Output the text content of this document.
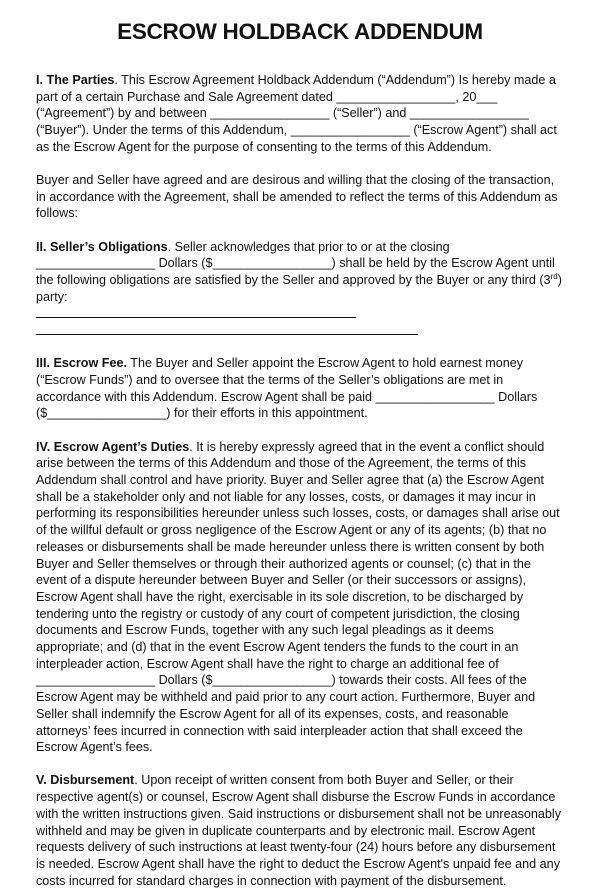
ESCROW HOLDBACK ADDENDUM

I. The Parties. This Escrow Agreement Holdback Addendum (“Addendum”) Is hereby made a part of a certain Purchase and Sale Agreement dated _________________, 20___ (“Agreement”) by and between _________________ (“Seller”) and _________________ (“Buyer”). Under the terms of this Addendum, _________________ (“Escrow Agent”) shall act as the Escrow Agent for the purpose of consenting to the terms of this Addendum.

Buyer and Seller have agreed and are desirous and willing that the closing of the transaction, in accordance with the Agreement, shall be amended to reflect the terms of this Addendum as follows:

II. Seller’s Obligations. Seller acknowledges that prior to or at the closing _________________ Dollars ($_________________) shall be held by the Escrow Agent until the following obligations are satisfied by the Seller and approved by the Buyer or any third (3rd) party:

III. Escrow Fee. The Buyer and Seller appoint the Escrow Agent to hold earnest money (“Escrow Funds”) and to oversee that the terms of the Seller’s obligations are met in accordance with this Addendum. Escrow Agent shall be paid _________________ Dollars ($_________________) for their efforts in this appointment.

IV. Escrow Agent’s Duties. It is hereby expressly agreed that in the event a conflict should arise between the terms of this Addendum and those of the Agreement, the terms of this Addendum shall control and have priority. Buyer and Seller agree that (a) the Escrow Agent shall be a stakeholder only and not liable for any losses, costs, or damages it may incur in performing its responsibilities hereunder unless such losses, costs, or damages shall arise out of the willful default or gross negligence of the Escrow Agent or any of its agents; (b) that no releases or disbursements shall be made hereunder unless there is written consent by both Buyer and Seller themselves or through their authorized agents or counsel; (c) that in the event of a dispute hereunder between Buyer and Seller (or their successors or assigns), Escrow Agent shall have the right, exercisable in its sole discretion, to be discharged by tendering unto the registry or custody of any court of competent jurisdiction, the closing documents and Escrow Funds, together with any such legal pleadings as it deems appropriate; and (d) that in the event Escrow Agent tenders the funds to the court in an interpleader action, Escrow Agent shall have the right to charge an additional fee of _________________ Dollars ($_________________) towards their costs. All fees of the Escrow Agent may be withheld and paid prior to any court action. Furthermore, Buyer and Seller shall indemnify the Escrow Agent for all of its expenses, costs, and reasonable attorneys’ fees incurred in connection with said interpleader action that shall exceed the Escrow Agent’s fees.

V. Disbursement. Upon receipt of written consent from both Buyer and Seller, or their respective agent(s) or counsel, Escrow Agent shall disburse the Escrow Funds in accordance with the written instructions given. Said instructions or disbursement shall not be unreasonably withheld and may be given in duplicate counterparts and by electronic mail. Escrow Agent requests delivery of such instructions at least twenty-four (24) hours before any disbursement is needed. Escrow Agent shall have the right to deduct the Escrow Agent's unpaid fee and any costs incurred for standard charges in connection with payment of the disbursement.
